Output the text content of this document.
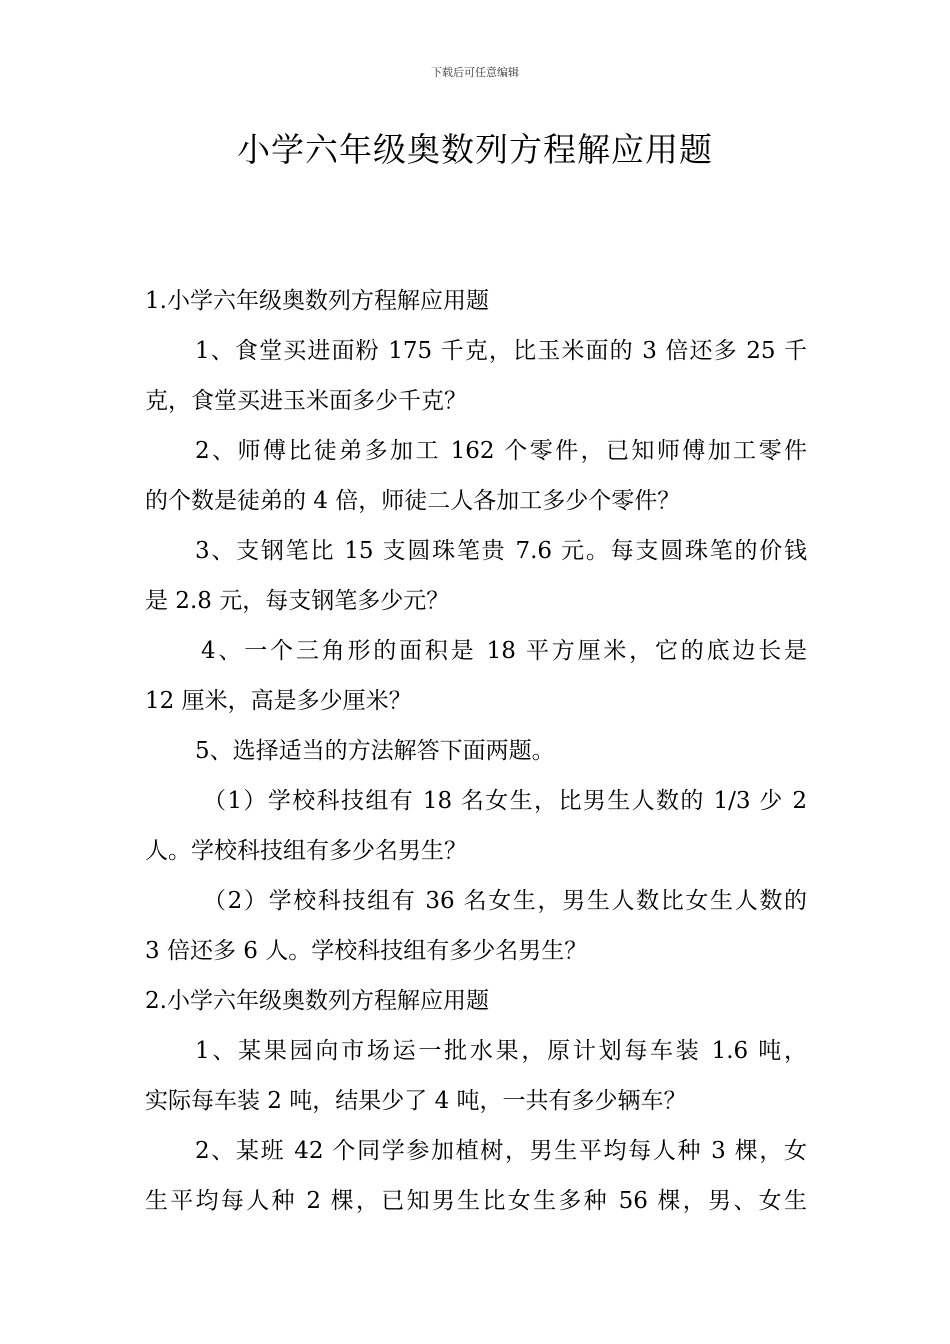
下载后可任意编辑
小学六年级奥数列方程解应用题
1.小学六年级奥数列方程解应用题
1、食堂买进面粉 175 千克，比玉米面的 3 倍还多 25 千
克，食堂买进玉米面多少千克？
2、师傅比徒弟多加工 162 个零件，已知师傅加工零件
的个数是徒弟的 4 倍，师徒二人各加工多少个零件？
3、支钢笔比 15 支圆珠笔贵 7.6 元。每支圆珠笔的价钱
是 2.8 元，每支钢笔多少元？
4、一个三角形的面积是 18 平方厘米，它的底边长是
12 厘米，高是多少厘米？
5、选择适当的方法解答下面两题。
（1）学校科技组有 18 名女生，比男生人数的 1/3 少 2
人。学校科技组有多少名男生？
（2）学校科技组有 36 名女生，男生人数比女生人数的
3 倍还多 6 人。学校科技组有多少名男生？
2.小学六年级奥数列方程解应用题
1、某果园向市场运一批水果，原计划每车装 1.6 吨，
实际每车装 2 吨，结果少了 4 吨，一共有多少辆车？
2、某班 42 个同学参加植树，男生平均每人种 3 棵，女
生平均每人种 2 棵，已知男生比女生多种 56 棵，男、女生
